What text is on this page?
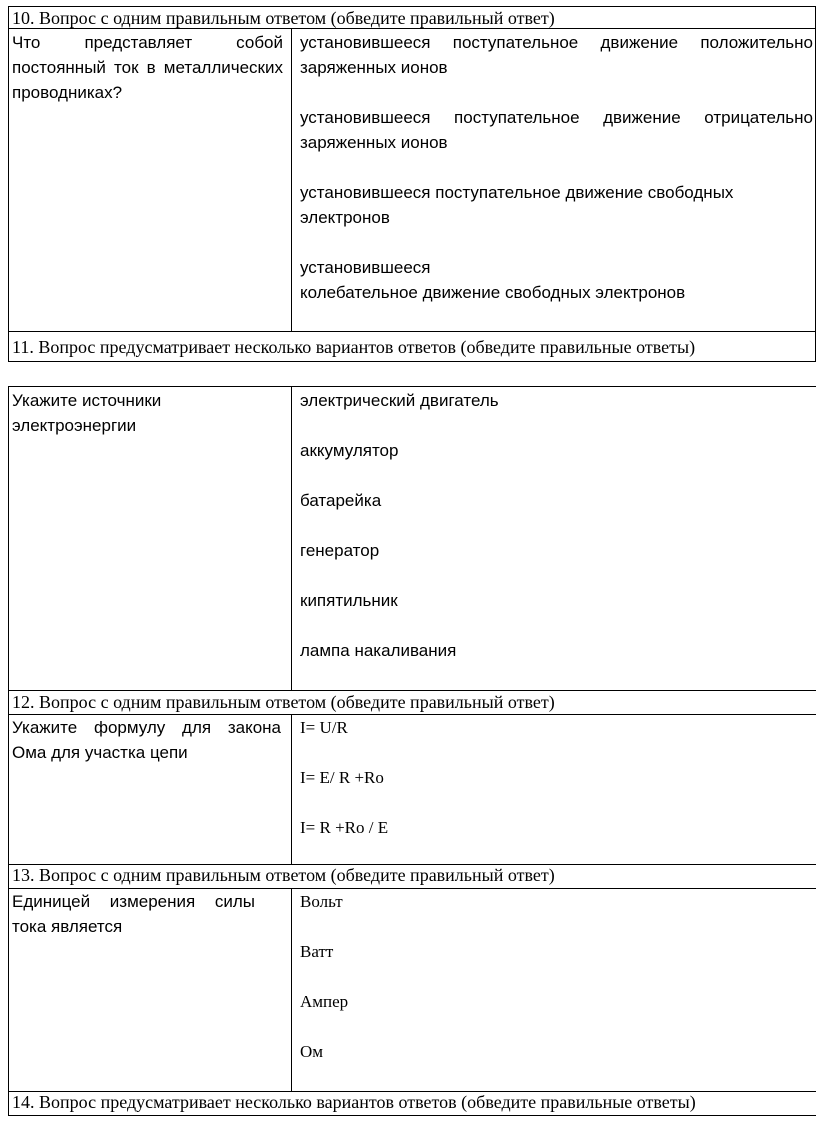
10. Вопрос с одним правильным ответом (обведите правильный ответ)
Что представляет собой постоянный ток в металлических проводниках?

установившееся поступательное движение положительно заряженных ионов

установившееся поступательное движение отрицательно заряженных ионов

установившееся поступательное движение свободных электронов

установившееся

колебательное движение свободных электронов

11. Вопрос предусматривает несколько вариантов ответов (обведите правильные ответы)
Укажите источники электроэнергии

электрический двигатель

аккумулятор

батарейка

генератор

кипятильник

лампа накаливания

12. Вопрос с одним правильным ответом (обведите правильный ответ)
Укажите формулу для закона Ома для участка цепи

I= U/R

I= E/ R +Ro

I= R +Ro / E

13. Вопрос с одним правильным ответом (обведите правильный ответ)
Единицей измерения силы тока является

Вольт

Ватт

Ампер

Ом

14. Вопрос предусматривает несколько вариантов ответов (обведите правильные ответы)
